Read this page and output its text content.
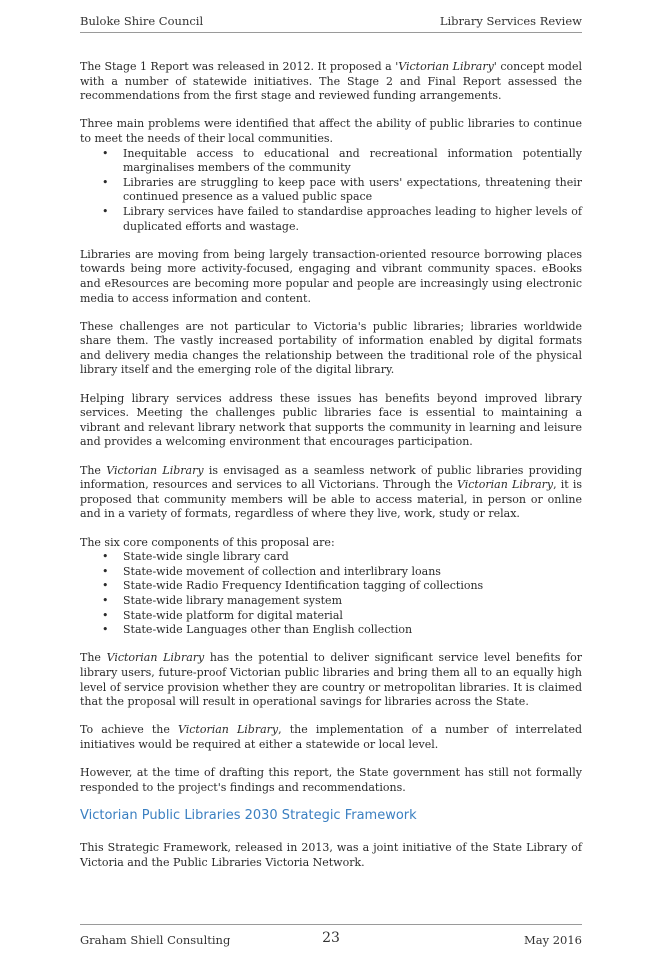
Buloke Shire Council	Library Services Review

The Stage 1 Report was released in 2012. It proposed a 'Victorian Library' concept model with a number of statewide initiatives. The Stage 2 and Final Report assessed the recommendations from the first stage and reviewed funding arrangements.

Three main problems were identified that affect the ability of public libraries to continue to meet the needs of their local communities.

• Inequitable access to educational and recreational information potentially marginalises members of the community
• Libraries are struggling to keep pace with users' expectations, threatening their continued presence as a valued public space
• Library services have failed to standardise approaches leading to higher levels of duplicated efforts and wastage.

Libraries are moving from being largely transaction-oriented resource borrowing places towards being more activity-focused, engaging and vibrant community spaces. eBooks and eResources are becoming more popular and people are increasingly using electronic media to access information and content.

These challenges are not particular to Victoria's public libraries; libraries worldwide share them. The vastly increased portability of information enabled by digital formats and delivery media changes the relationship between the traditional role of the physical library itself and the emerging role of the digital library.

Helping library services address these issues has benefits beyond improved library services. Meeting the challenges public libraries face is essential to maintaining a vibrant and relevant library network that supports the community in learning and leisure and provides a welcoming environment that encourages participation.

The Victorian Library is envisaged as a seamless network of public libraries providing information, resources and services to all Victorians. Through the Victorian Library, it is proposed that community members will be able to access material, in person or online and in a variety of formats, regardless of where they live, work, study or relax.

The six core components of this proposal are:

• State-wide single library card
• State-wide movement of collection and interlibrary loans
• State-wide Radio Frequency Identification tagging of collections
• State-wide library management system
• State-wide platform for digital material
• State-wide Languages other than English collection

The Victorian Library has the potential to deliver significant service level benefits for library users, future-proof Victorian public libraries and bring them all to an equally high level of service provision whether they are country or metropolitan libraries. It is claimed that the proposal will result in operational savings for libraries across the State.

To achieve the Victorian Library, the implementation of a number of interrelated initiatives would be required at either a statewide or local level.

However, at the time of drafting this report, the State government has still not formally responded to the project's findings and recommendations.

Victorian Public Libraries 2030 Strategic Framework

This Strategic Framework, released in 2013, was a joint initiative of the State Library of Victoria and the Public Libraries Victoria Network.

Graham Shiell Consulting	23	May 2016
